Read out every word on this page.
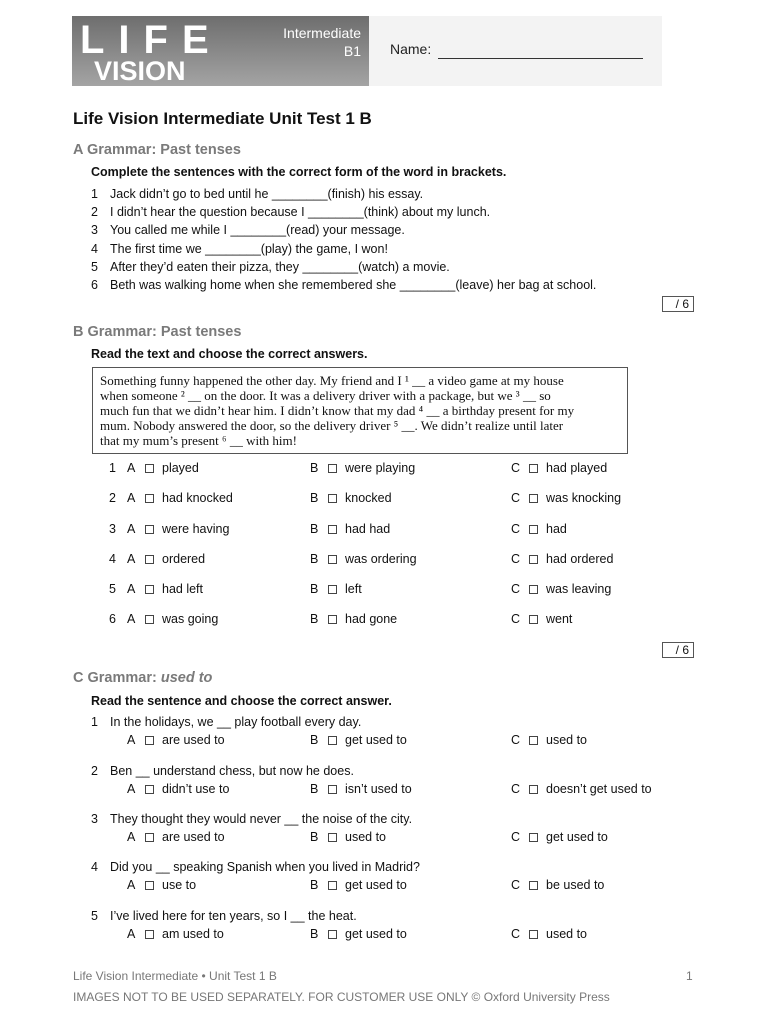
LIFE
VISION
Intermediate
B1 Name:
Life Vision Intermediate Unit Test 1 B
A Grammar: Past tenses
Complete the sentences with the correct form of the word in brackets.
1 Jack didn’t go to bed until he ________(finish) his essay.
2 I didn’t hear the question because I ________(think) about my lunch.
3 You called me while I ________(read) your message.
4 The first time we ________(play) the game, I won!
5 After they’d eaten their pizza, they ________(watch) a movie.
6 Beth was walking home when she remembered she ________(leave) her bag at school.
/ 6
B Grammar: Past tenses
Read the text and choose the correct answers.
Something funny happened the other day. My friend and I ¹ __ a video game at my house
when someone ² __ on the door. It was a delivery driver with a package, but we ³ __ so
much fun that we didn’t hear him. I didn’t know that my dad ⁴ __ a birthday present for my
mum. Nobody answered the door, so the delivery driver ⁵ __. We didn’t realize until later
that my mum’s present ⁶ __ with him!
1 A played	B were playing	C had played
2 A had knocked	B knocked	C was knocking
3 A were having	B had had	C had
4 A ordered	B was ordering	C had ordered
5 A had left	B left	C was leaving
6 A was going	B had gone	C went
/ 6
C Grammar: used to
Read the sentence and choose the correct answer.
1 In the holidays, we __ play football every day.
A are used to	B get used to	C used to
2 Ben __ understand chess, but now he does.
A didn’t use to	B isn’t used to	C doesn’t get used to
3 They thought they would never __ the noise of the city.
A are used to	B used to	C get used to
4 Did you __ speaking Spanish when you lived in Madrid?
A use to	B get used to	C be used to
5 I’ve lived here for ten years, so I __ the heat.
A am used to	B get used to	C used to
Life Vision Intermediate • Unit Test 1 B	1
IMAGES NOT TO BE USED SEPARATELY. FOR CUSTOMER USE ONLY © Oxford University Press
